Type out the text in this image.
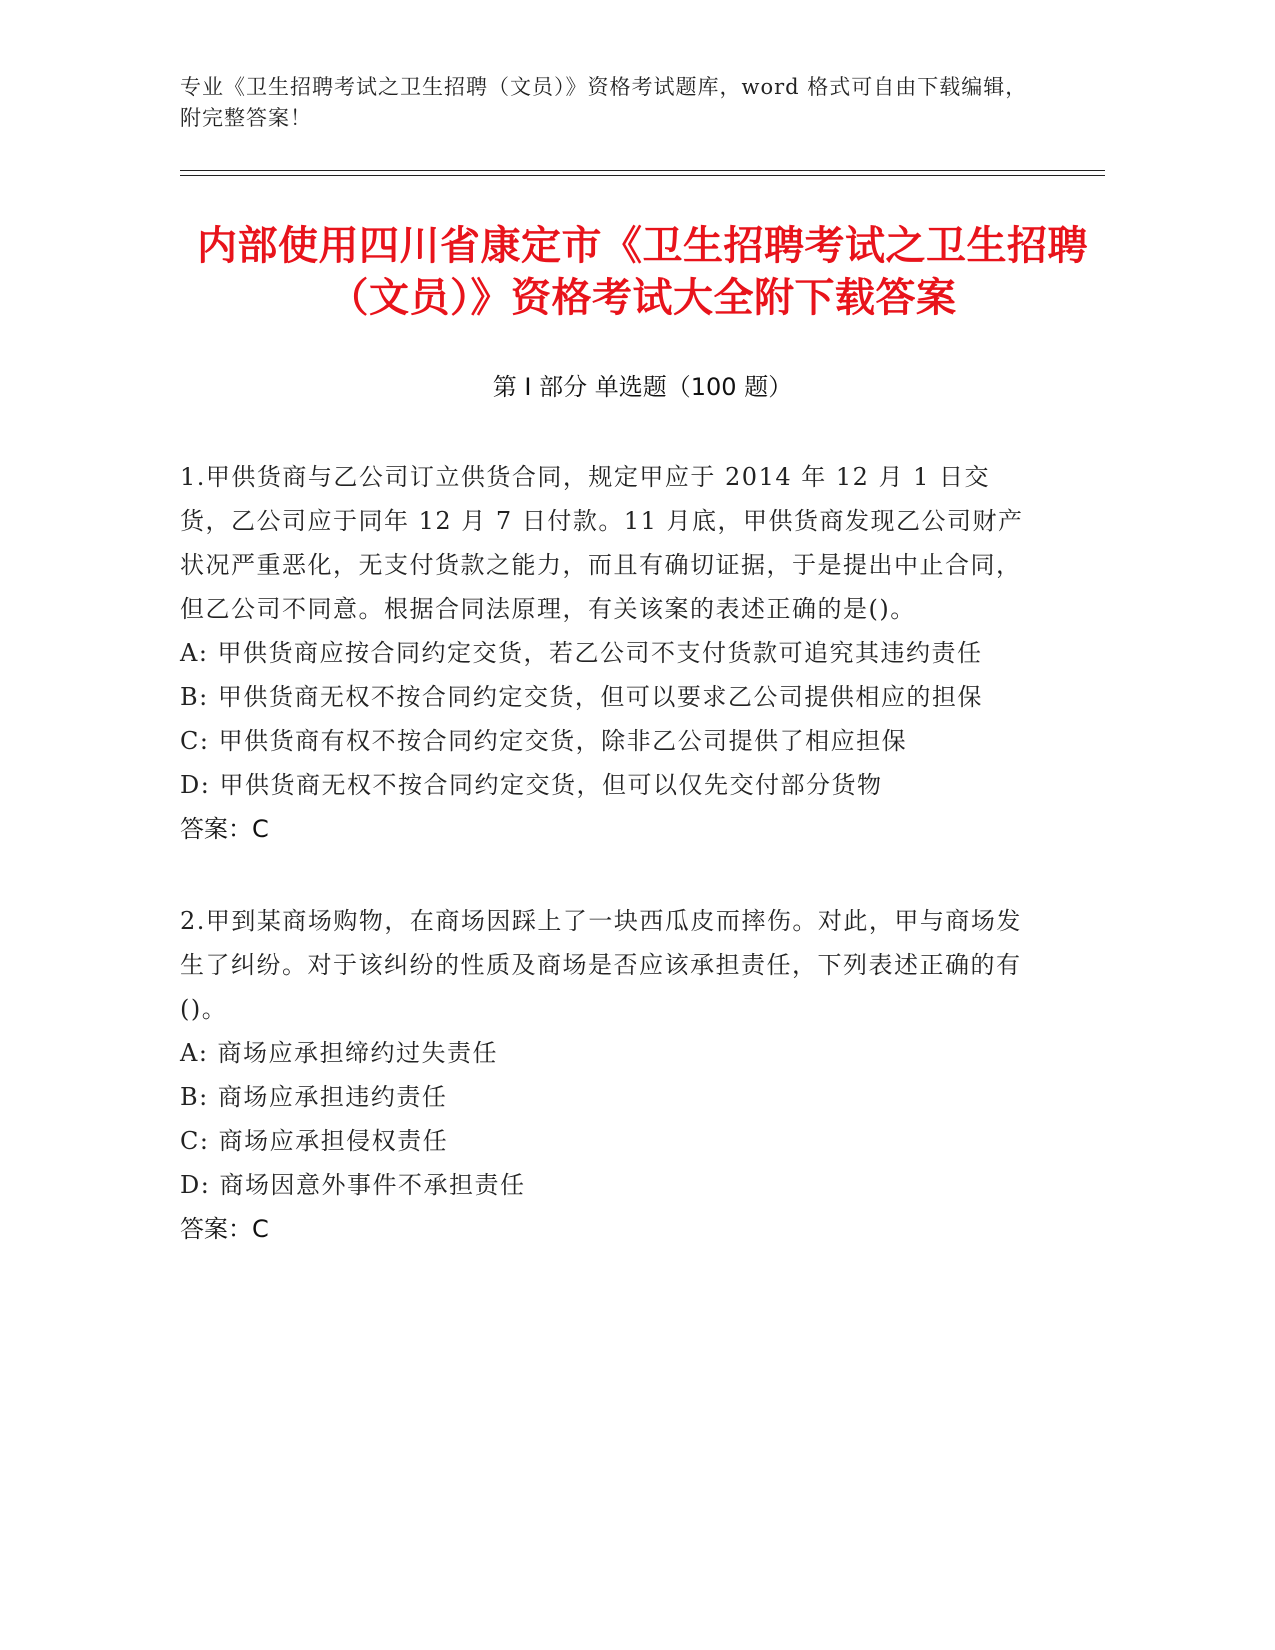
专业《卫生招聘考试之卫生招聘（文员）》资格考试题库，word 格式可自由下载编辑，附完整答案！
内部使用四川省康定市《卫生招聘考试之卫生招聘（文员）》资格考试大全附下载答案
第 I 部分 单选题（100 题）

1.甲供货商与乙公司订立供货合同，规定甲应于 2014 年 12 月 1 日交货，乙公司应于同年 12 月 7 日付款。11 月底，甲供货商发现乙公司财产状况严重恶化，无支付货款之能力，而且有确切证据，于是提出中止合同，但乙公司不同意。根据合同法原理，有关该案的表述正确的是()。

A: 甲供货商应按合同约定交货，若乙公司不支付货款可追究其违约责任

B: 甲供货商无权不按合同约定交货，但可以要求乙公司提供相应的担保

C: 甲供货商有权不按合同约定交货，除非乙公司提供了相应担保

D: 甲供货商无权不按合同约定交货，但可以仅先交付部分货物

答案：C

2.甲到某商场购物，在商场因踩上了一块西瓜皮而摔伤。对此，甲与商场发生了纠纷。对于该纠纷的性质及商场是否应该承担责任，下列表述正确的有()。

A: 商场应承担缔约过失责任

B: 商场应承担违约责任

C: 商场应承担侵权责任

D: 商场因意外事件不承担责任

答案：C
